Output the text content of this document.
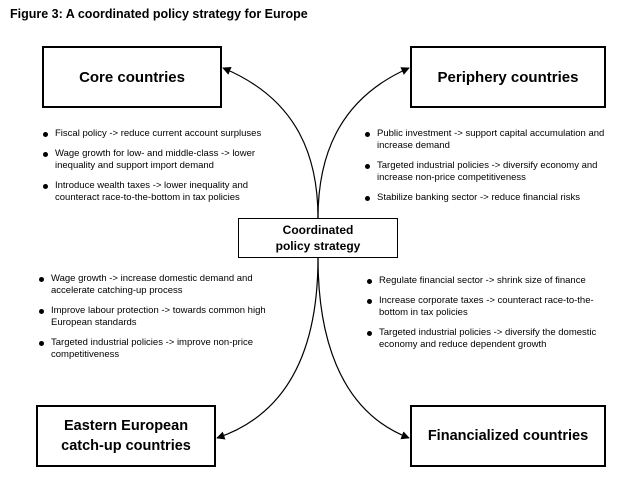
Figure 3: A coordinated policy strategy for Europe
Core countries	Periphery countries
Eastern European
catch-up countries
Financialized countries
Coordinated
policy strategy
Fiscal policy -> reduce current account surpluses
Wage growth for low- and middle-class -> lower inequality and support import demand
Introduce wealth taxes -> lower inequality and counteract race-to-the-bottom in tax policies
Public investment -> support capital accumulation and increase demand
Targeted industrial policies -> diversify economy and increase non-price competitiveness
Stabilize banking sector -> reduce financial risks
Wage growth -> increase domestic demand and accelerate catching-up process
Improve labour protection -> towards common high European standards
Targeted industrial policies -> improve non-price competitiveness
Regulate financial sector -> shrink size of finance
Increase corporate taxes -> counteract race-to-the-bottom in tax policies
Targeted industrial policies -> diversify the domestic economy and reduce dependent growth
